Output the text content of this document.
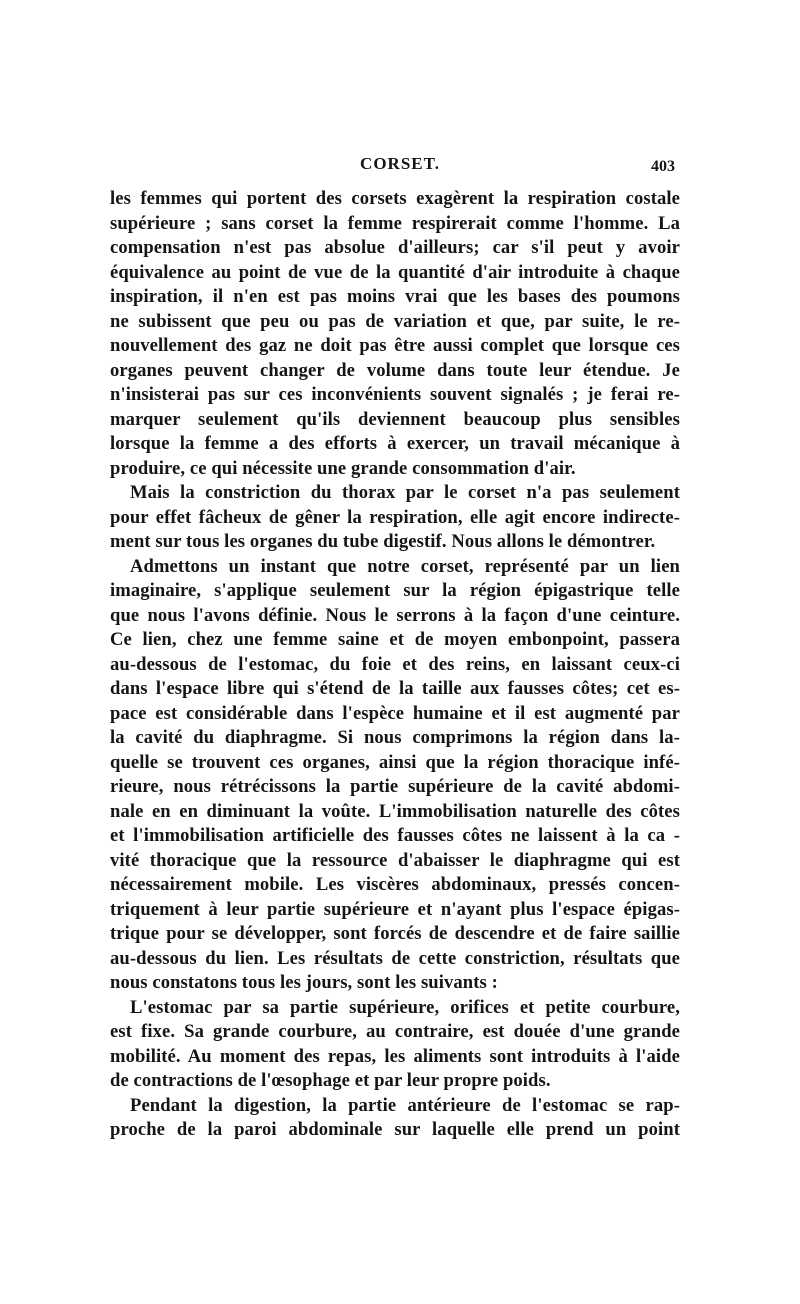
CORSET.	403
les femmes qui portent des corsets exagèrent la respiration costale
supérieure ; sans corset la femme respirerait comme l'homme. La
compensation n'est pas absolue d'ailleurs; car s'il peut y avoir
équivalence au point de vue de la quantité d'air introduite à chaque
inspiration, il n'en est pas moins vrai que les bases des poumons
ne subissent que peu ou pas de variation et que, par suite, le re-
nouvellement des gaz ne doit pas être aussi complet que lorsque ces
organes peuvent changer de volume dans toute leur étendue. Je
n'insisterai pas sur ces inconvénients souvent signalés ; je ferai re-
marquer seulement qu'ils deviennent beaucoup plus sensibles
lorsque la femme a des efforts à exercer, un travail mécanique à
produire, ce qui nécessite une grande consommation d'air.
Mais la constriction du thorax par le corset n'a pas seulement
pour effet fâcheux de gêner la respiration, elle agit encore indirecte-
ment sur tous les organes du tube digestif. Nous allons le démontrer.
Admettons un instant que notre corset, représenté par un lien
imaginaire, s'applique seulement sur la région épigastrique telle
que nous l'avons définie. Nous le serrons à la façon d'une ceinture.
Ce lien, chez une femme saine et de moyen embonpoint, passera
au-dessous de l'estomac, du foie et des reins, en laissant ceux-ci
dans l'espace libre qui s'étend de la taille aux fausses côtes; cet es-
pace est considérable dans l'espèce humaine et il est augmenté par
la cavité du diaphragme. Si nous comprimons la région dans la-
quelle se trouvent ces organes, ainsi que la région thoracique infé-
rieure, nous rétrécissons la partie supérieure de la cavité abdomi-
nale en en diminuant la voûte. L'immobilisation naturelle des côtes
et l'immobilisation artificielle des fausses côtes ne laissent à la ca -
vité thoracique que la ressource d'abaisser le diaphragme qui est
nécessairement mobile. Les viscères abdominaux, pressés concen-
triquement à leur partie supérieure et n'ayant plus l'espace épigas-
trique pour se développer, sont forcés de descendre et de faire saillie
au-dessous du lien. Les résultats de cette constriction, résultats que
nous constatons tous les jours, sont les suivants :
L'estomac par sa partie supérieure, orifices et petite courbure,
est fixe. Sa grande courbure, au contraire, est douée d'une grande
mobilité. Au moment des repas, les aliments sont introduits à l'aide
de contractions de l'œsophage et par leur propre poids.
Pendant la digestion, la partie antérieure de l'estomac se rap-
proche de la paroi abdominale sur laquelle elle prend un point
